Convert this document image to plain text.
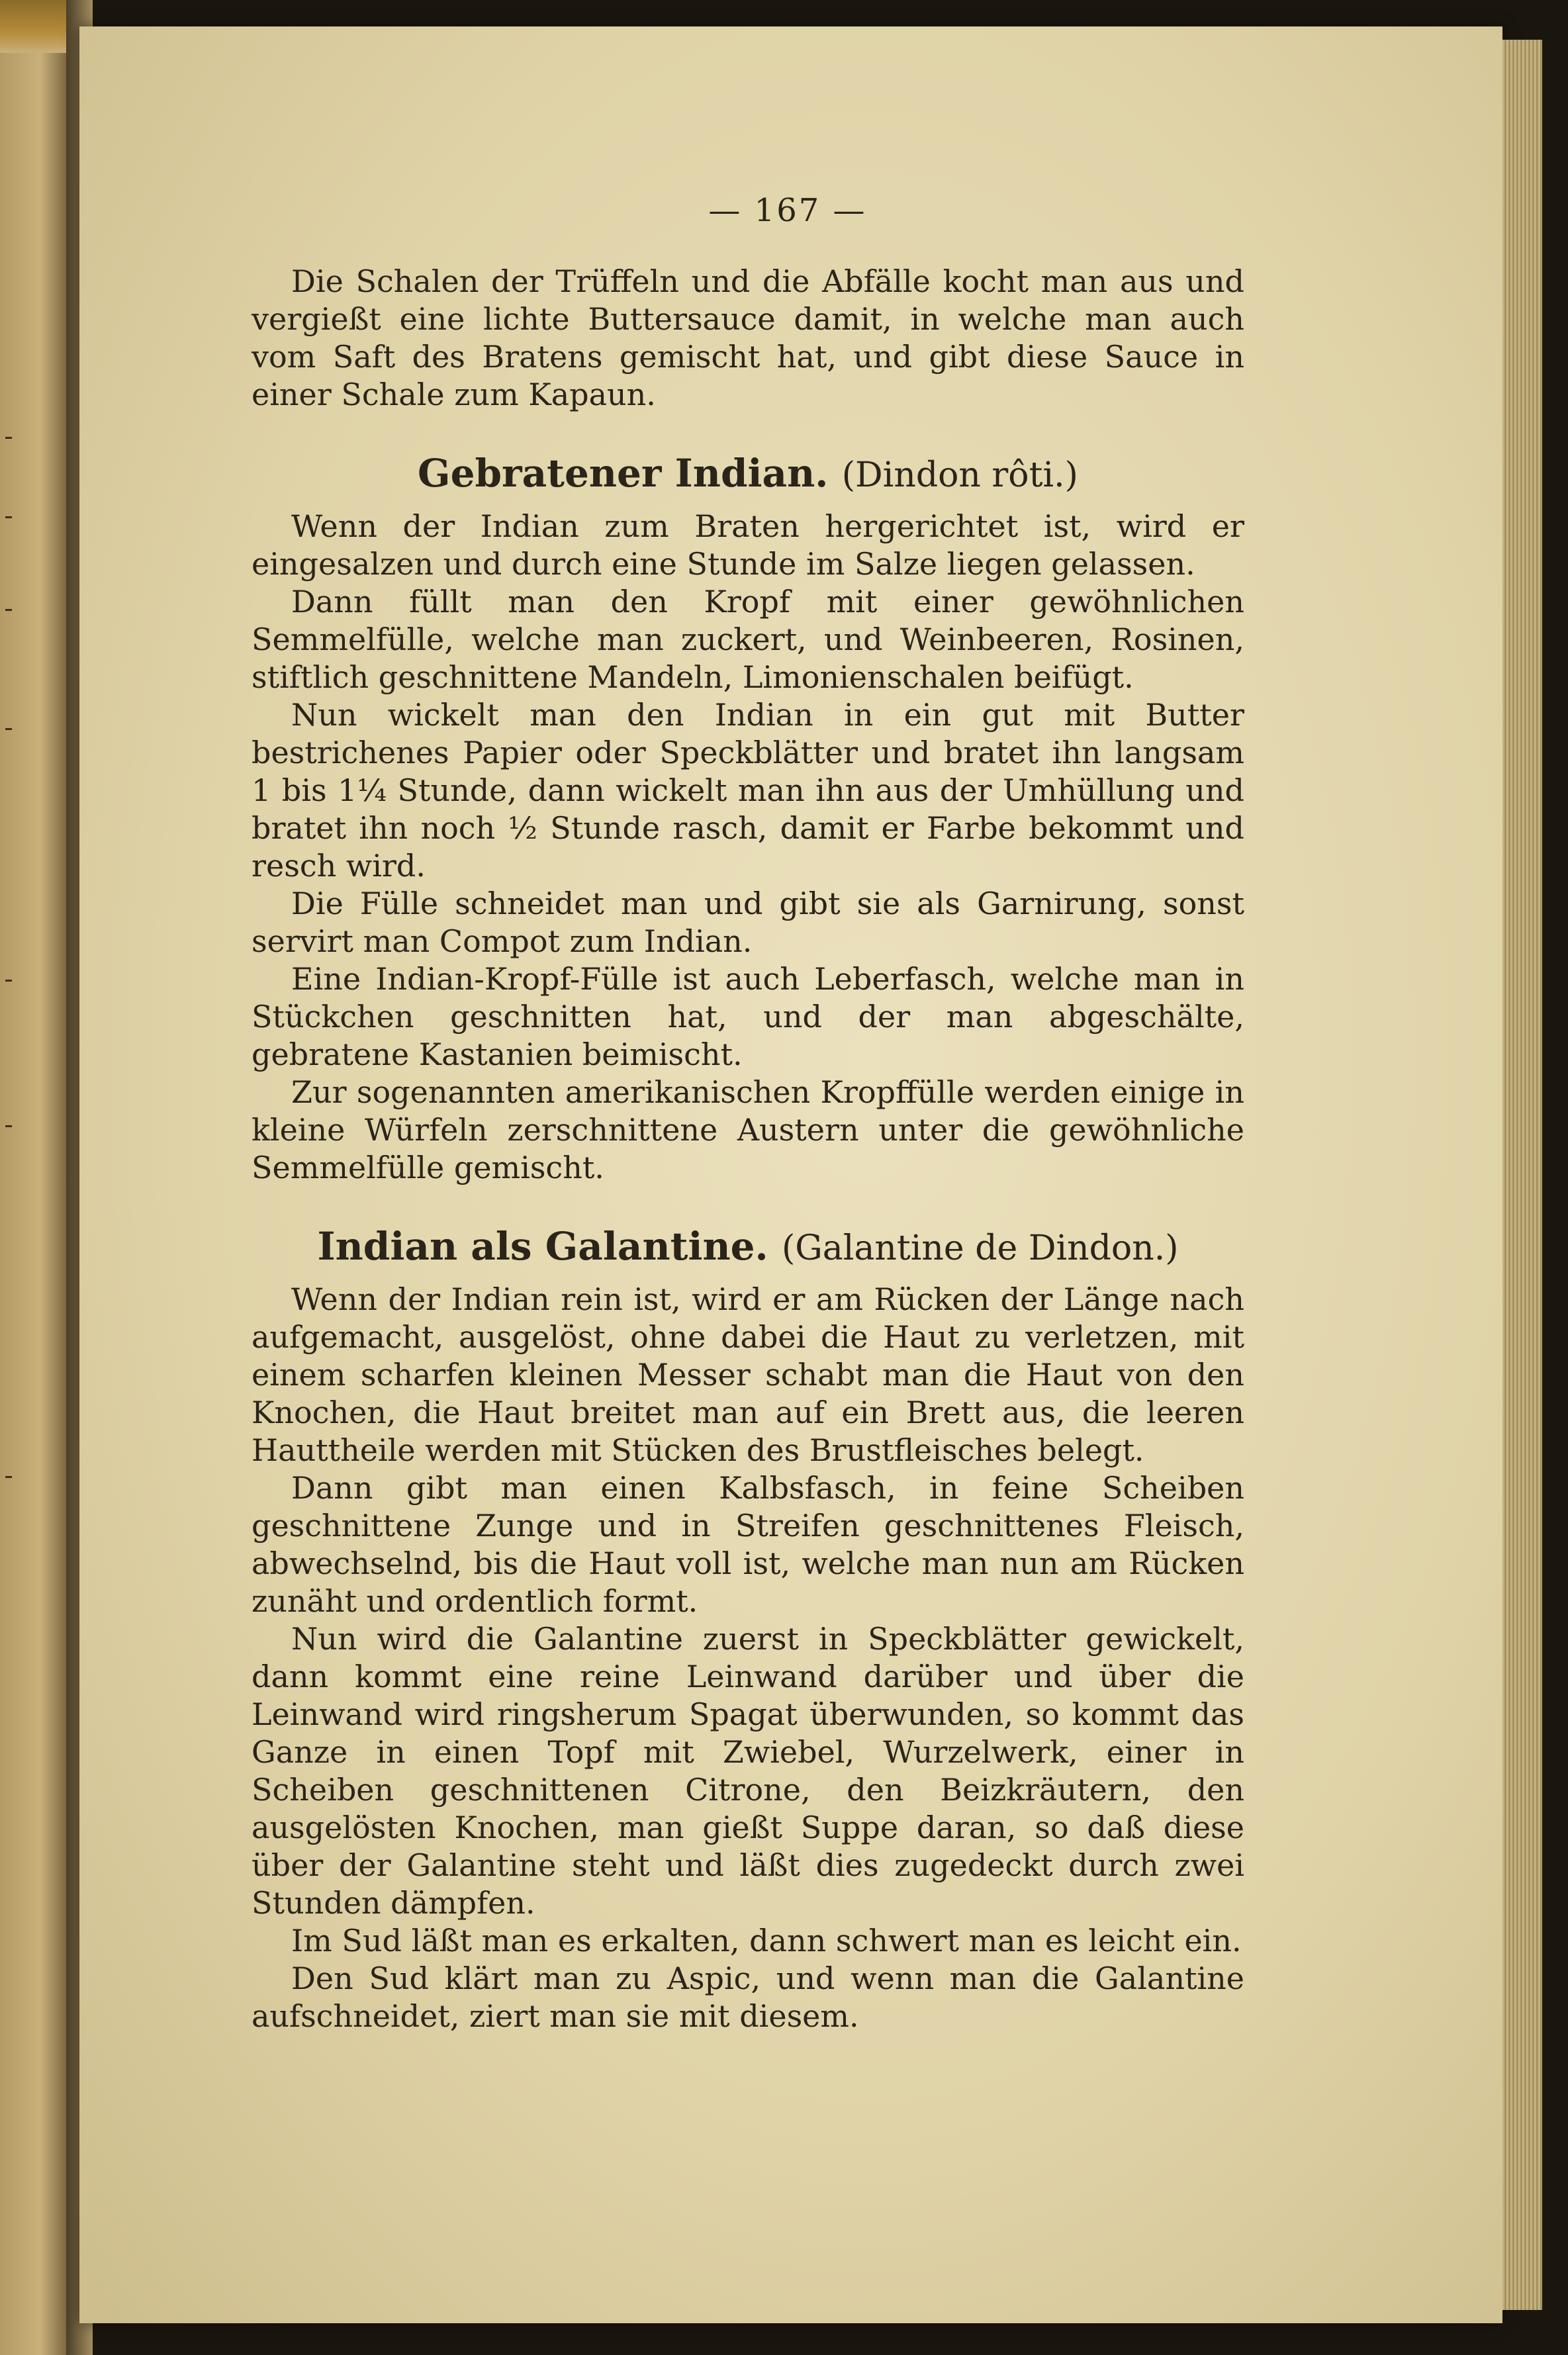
— 167 —

Die Schalen der Trüffeln und die Abfälle kocht man aus und vergießt eine lichte Buttersauce damit, in welche man auch vom Saft des Bratens gemischt hat, und gibt diese Sauce in einer Schale zum Kapaun.

Gebratener Indian. (Dindon rôti.)

Wenn der Indian zum Braten hergerichtet ist, wird er eingesalzen und durch eine Stunde im Salze liegen gelassen.

Dann füllt man den Kropf mit einer gewöhnlichen Semmelfülle, welche man zuckert, und Weinbeeren, Rosinen, stiftlich geschnittene Mandeln, Limonienschalen beifügt.

Nun wickelt man den Indian in ein gut mit Butter bestrichenes Papier oder Speckblätter und bratet ihn langsam 1 bis 1¼ Stunde, dann wickelt man ihn aus der Umhüllung und bratet ihn noch ½ Stunde rasch, damit er Farbe bekommt und resch wird.

Die Fülle schneidet man und gibt sie als Garnirung, sonst servirt man Compot zum Indian.

Eine Indian-Kropf-Fülle ist auch Leberfasch, welche man in Stückchen geschnitten hat, und der man abgeschälte, gebratene Kastanien beimischt.

Zur sogenannten amerikanischen Kropffülle werden einige in kleine Würfeln zerschnittene Austern unter die gewöhnliche Semmelfülle gemischt.

Indian als Galantine. (Galantine de Dindon.)

Wenn der Indian rein ist, wird er am Rücken der Länge nach aufgemacht, ausgelöst, ohne dabei die Haut zu verletzen, mit einem scharfen kleinen Messer schabt man die Haut von den Knochen, die Haut breitet man auf ein Brett aus, die leeren Hauttheile werden mit Stücken des Brustfleisches belegt.

Dann gibt man einen Kalbsfasch, in feine Scheiben geschnittene Zunge und in Streifen geschnittenes Fleisch, abwechselnd, bis die Haut voll ist, welche man nun am Rücken zunäht und ordentlich formt.

Nun wird die Galantine zuerst in Speckblätter gewickelt, dann kommt eine reine Leinwand darüber und über die Leinwand wird ringsherum Spagat überwunden, so kommt das Ganze in einen Topf mit Zwiebel, Wurzelwerk, einer in Scheiben geschnittenen Citrone, den Beizkräutern, den ausgelösten Knochen, man gießt Suppe daran, so daß diese über der Galantine steht und läßt dies zugedeckt durch zwei Stunden dämpfen.

Im Sud läßt man es erkalten, dann schwert man es leicht ein.

Den Sud klärt man zu Aspic, und wenn man die Galantine aufschneidet, ziert man sie mit diesem.
